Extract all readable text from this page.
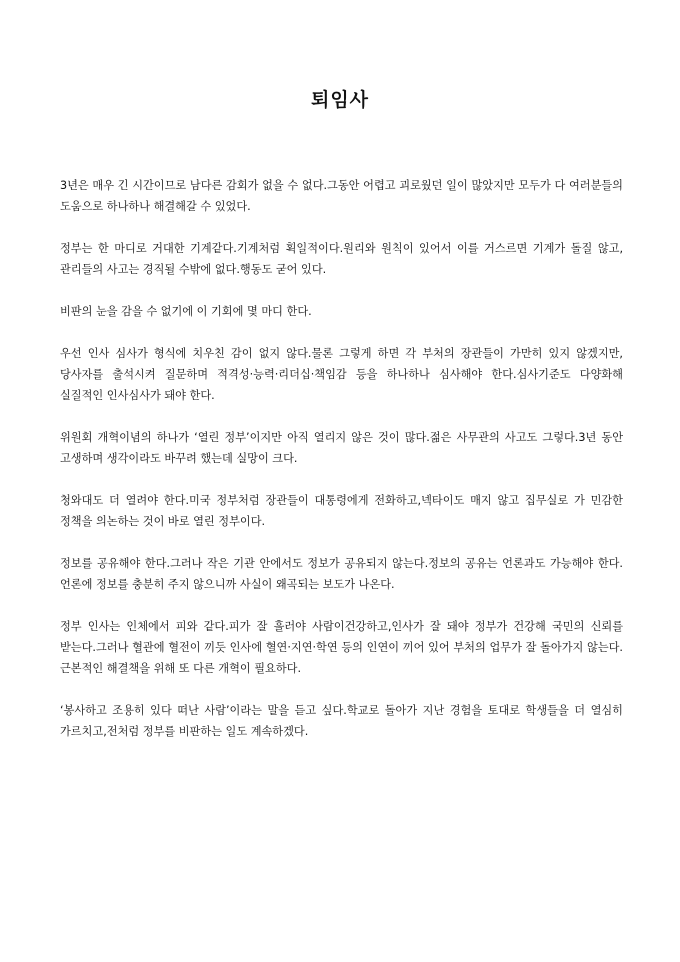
퇴임사

3년은 매우 긴 시간이므로 남다른 감회가 없을 수 없다.그동안 어렵고 괴로웠던 일이 많았지만 모두가 다 여러분들의 도움으로 하나하나 해결해갈 수 있었다.

정부는 한 마디로 거대한 기계같다.기계처럼 획일적이다.원리와 원칙이 있어서 이를 거스르면 기계가 돌질 않고,관리들의 사고는 경직될 수밖에 없다.행동도 굳어 있다.

비판의 눈을 감을 수 없기에 이 기회에 몇 마디 한다.

우선 인사 심사가 형식에 치우친 감이 없지 않다.물론 그렇게 하면 각 부처의 장관들이 가만히 있지 않겠지만,당사자를 출석시켜 질문하며 적격성·능력·리더십·책임감 등을 하나하나 심사해야 한다.심사기준도 다양화해 실질적인 인사심사가 돼야 한다.

위원회 개혁이념의 하나가 ‘열린 정부’이지만 아직 열리지 않은 것이 많다.젊은 사무관의 사고도 그렇다.3년 동안 고생하며 생각이라도 바꾸려 했는데 실망이 크다.

청와대도 더 열려야 한다.미국 정부처럼 장관들이 대통령에게 전화하고,넥타이도 매지 않고 집무실로 가 민감한 정책을 의논하는 것이 바로 열린 정부이다.

정보를 공유해야 한다.그러나 작은 기관 안에서도 정보가 공유되지 않는다.정보의 공유는 언론과도 가능해야 한다.언론에 정보를 충분히 주지 않으니까 사실이 왜곡되는 보도가 나온다.

정부 인사는 인체에서 피와 같다.피가 잘 흘러야 사람이건강하고,인사가 잘 돼야 정부가 건강해 국민의 신뢰를 받는다.그러나 혈관에 혈전이 끼듯 인사에 혈연·지연·학연 등의 인연이 끼어 있어 부처의 업무가 잘 돌아가지 않는다.근본적인 해결책을 위해 또 다른 개혁이 필요하다.

‘봉사하고 조용히 있다 떠난 사람’이라는 말을 듣고 싶다.학교로 돌아가 지난 경험을 토대로 학생들을 더 열심히 가르치고,전처럼 정부를 비판하는 일도 계속하겠다.
